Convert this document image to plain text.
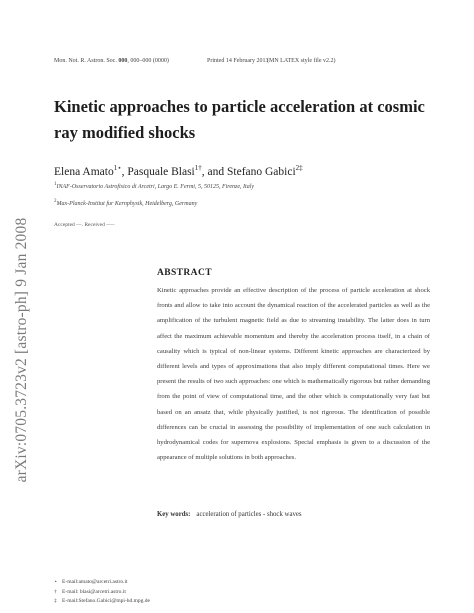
arXiv:0705.3723v2 [astro-ph] 9 Jan 2008
Mon. Not. R. Astron. Soc. 000, 000–000 (0000)	Printed 14 February 2013
(MN LATEX style file v2.2)
Kinetic approaches to particle acceleration at cosmic ray modified shocks
Elena Amato$^{1⋆}$, Pasquale Blasi$^{1\dagger}$, and Stefano Gabici$^{2\ddagger}$
$^1$INAF-Osservatorio Astrofisico di Arcetri, Largo E. Fermi, 5, 50125, Firenze, Italy
$^2$Max-Planck-Institut fur Kernphysik, Heidelberg, Germany
Accepted —. Received —–
ABSTRACT
Kinetic approaches provide an effective description of the process of particle acceleration at shock fronts and allow to take into account the dynamical reaction of the accelerated particles as well as the amplification of the turbulent magnetic field as due to streaming instability. The latter does in turn affect the maximum achievable momentum and thereby the acceleration process itself, in a chain of causality which is typical of non-linear systems. Different kinetic approaches are characterized by different levels and types of approximations that also imply different computational times. Here we present the results of two such approaches: one which is mathematically rigorous but rather demanding from the point of view of computational time, and the other which is computationally very fast but based on an ansatz that, while physically justified, is not rigorous. The identification of possible differences can be crucial in assessing the possibility of implementation of one such calculation in hydrodynamical codes for supernova explosions. Special emphasis is given to a discussion of the appearance of multiple solutions in both approaches.
Key words: acceleration of particles - shock waves
⋆ E-mail:amato@arcetri.astro.it
† E-mail: blasi@arcetri.astro.it
‡ E-mail:Stefano.Gabici@mpi-hd.mpg.de
